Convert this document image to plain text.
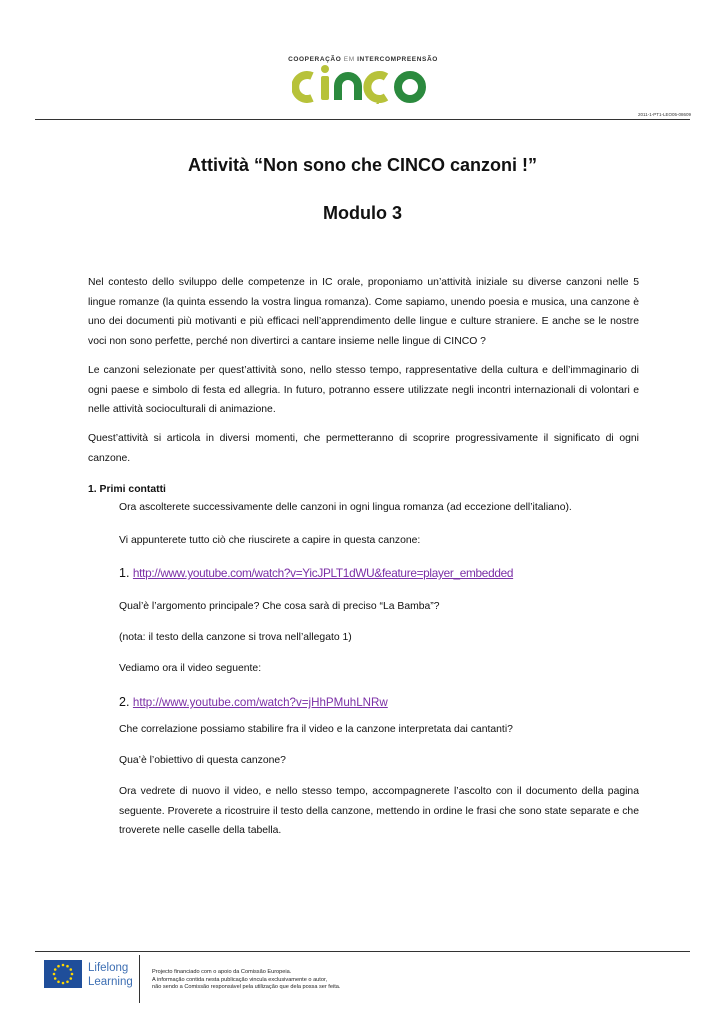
COOPERAÇÃO EM INTERCOMPREENSÃO
2011-1-PT1-LEO05-08609
Attività “Non sono che CINCO canzoni !”
Modulo 3

Nel contesto dello sviluppo delle competenze in IC orale, proponiamo un’attività iniziale su diverse canzoni nelle 5 lingue romanze (la quinta essendo la vostra lingua romanza). Come sapiamo, unendo poesia e musica, una canzone è uno dei documenti più motivanti e più efficaci nell’apprendimento delle lingue e culture straniere. E anche se le nostre voci non sono perfette, perché non divertirci a cantare insieme nelle lingue di CINCO ?

Le canzoni selezionate per quest’attività sono, nello stesso tempo, rappresentative della cultura e dell’immaginario di ogni paese e simbolo di festa ed allegria. In futuro, potranno essere utilizzate negli incontri internazionali di volontari e nelle attività socioculturali di animazione.

Quest’attività si articola in diversi momenti, che permetteranno di scoprire progressivamente il significato di ogni canzone.

1. Primi contatti

Ora ascolterete successivamente delle canzoni in ogni lingua romanza (ad eccezione dell’italiano).

Vi appunterete tutto ciò che riuscirete a capire in questa canzone:

1. http://www.youtube.com/watch?v=YicJPLT1dWU&feature=player_embedded

Qual’è l’argomento principale? Che cosa sarà di preciso “La Bamba”?

(nota: il testo della canzone si trova nell’allegato 1)

Vediamo ora il video seguente:

2. http://www.youtube.com/watch?v=jHhPMuhLNRw

Che correlazione possiamo stabilire fra il video e la canzone interpretata dai cantanti?

Qua’è l’obiettivo di questa canzone?

Ora vedrete di nuovo il video, e nello stesso tempo, accompagnerete l’ascolto con il documento della pagina seguente. Proverete a ricostruire il testo della canzone, mettendo in ordine le frasi che sono state separate e che troverete nelle caselle della tabella.

Lifelong
Learning
Projecto financiado com o apoio da Comissão Europeia.
A informação contida nesta publicação vincula exclusivamente o autor,
não sendo a Comissão responsável pela utilização que dela possa ser feita.
